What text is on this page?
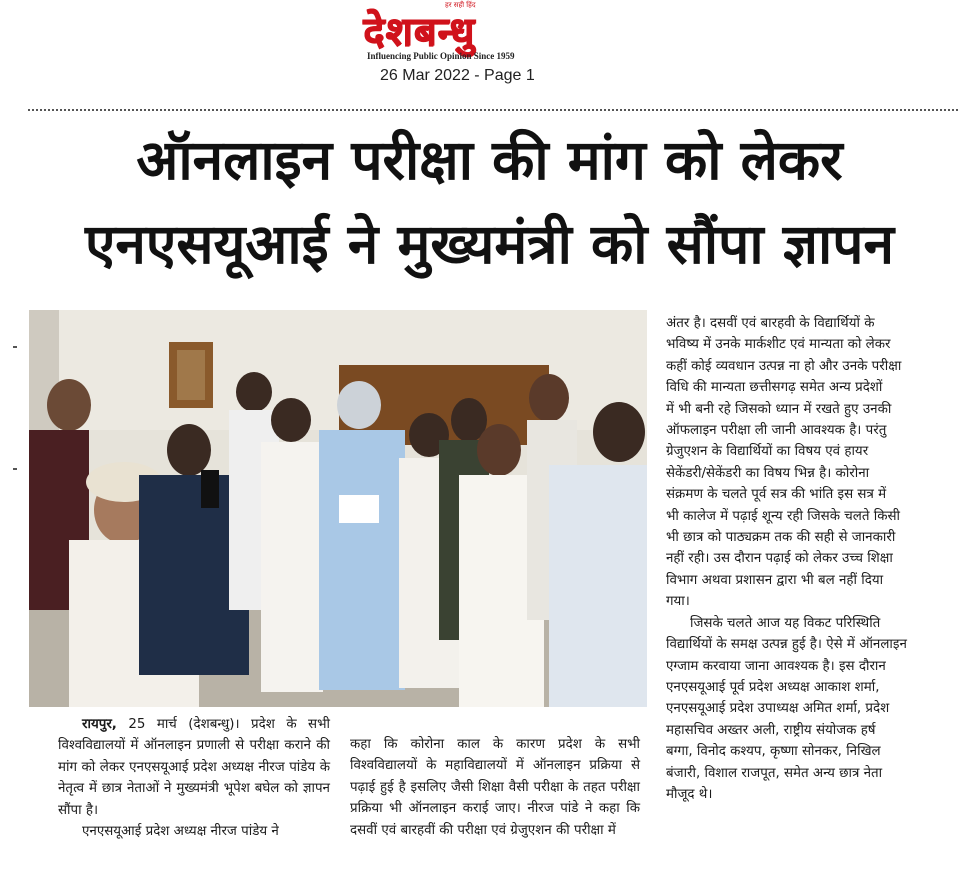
हर सही हिंद
देशबन्धु
Influencing Public Opinion Since 1959
26 Mar 2022 - Page 1
ऑनलाइन परीक्षा की मांग को लेकर
एनएसयूआई ने मुख्यमंत्री को सौंपा ज्ञापन

रायपुर, 25 मार्च (देशबन्धु)। प्रदेश के सभी विश्वविद्यालयों में ऑनलाइन प्रणाली से परीक्षा कराने की मांग को लेकर एनएसयूआई प्रदेश अध्यक्ष नीरज पांडेय के नेतृत्व में छात्र नेताओं ने मुख्यमंत्री भूपेश बघेल को ज्ञापन सौंपा है।

एनएसयूआई प्रदेश अध्यक्ष नीरज पांडेय ने

कहा कि कोरोना काल के कारण प्रदेश के सभी विश्वविद्यालयों के महाविद्यालयों में ऑनलाइन प्रक्रिया से पढ़ाई हुई है इसलिए जैसी शिक्षा वैसी परीक्षा के तहत परीक्षा प्रक्रिया भी ऑनलाइन कराई जाए। नीरज पांडे ने कहा कि दसवीं एवं बारहवीं की परीक्षा एवं ग्रेजुएशन की परीक्षा में

अंतर है। दसवीं एवं बारहवी के विद्यार्थियों के
भविष्य में उनके मार्कशीट एवं मान्यता को लेकर
कहीं कोई व्यवधान उत्पन्न ना हो और उनके परीक्षा
विधि की मान्यता छत्तीसगढ़ समेत अन्य प्रदेशों
में भी बनी रहे जिसको ध्यान में रखते हुए उनकी
ऑफलाइन परीक्षा ली जानी आवश्यक है। परंतु
ग्रेजुएशन के विद्यार्थियों का विषय एवं हायर
सेकेंडरी/सेकेंडरी का विषय भिन्न है। कोरोना
संक्रमण के चलते पूर्व सत्र की भांति इस सत्र में
भी कालेज में पढ़ाई शून्य रही जिसके चलते किसी
भी छात्र को पाठ्यक्रम तक की सही से जानकारी
नहीं रही। उस दौरान पढ़ाई को लेकर उच्च शिक्षा
विभाग अथवा प्रशासन द्वारा भी बल नहीं दिया
गया।
जिसके चलते आज यह विकट परिस्थिति
विद्यार्थियों के समक्ष उत्पन्न हुई है। ऐसे में ऑनलाइन
एग्जाम करवाया जाना आवश्यक है। इस दौरान
एनएसयूआई पूर्व प्रदेश अध्यक्ष आकाश शर्मा,
एनएसयूआई प्रदेश उपाध्यक्ष अमित शर्मा, प्रदेश
महासचिव अख्तर अली, राष्ट्रीय संयोजक हर्ष
बग्गा, विनोद कश्यप, कृष्णा सोनकर, निखिल
बंजारी, विशाल राजपूत, समेत अन्य छात्र नेता
मौजूद थे।
